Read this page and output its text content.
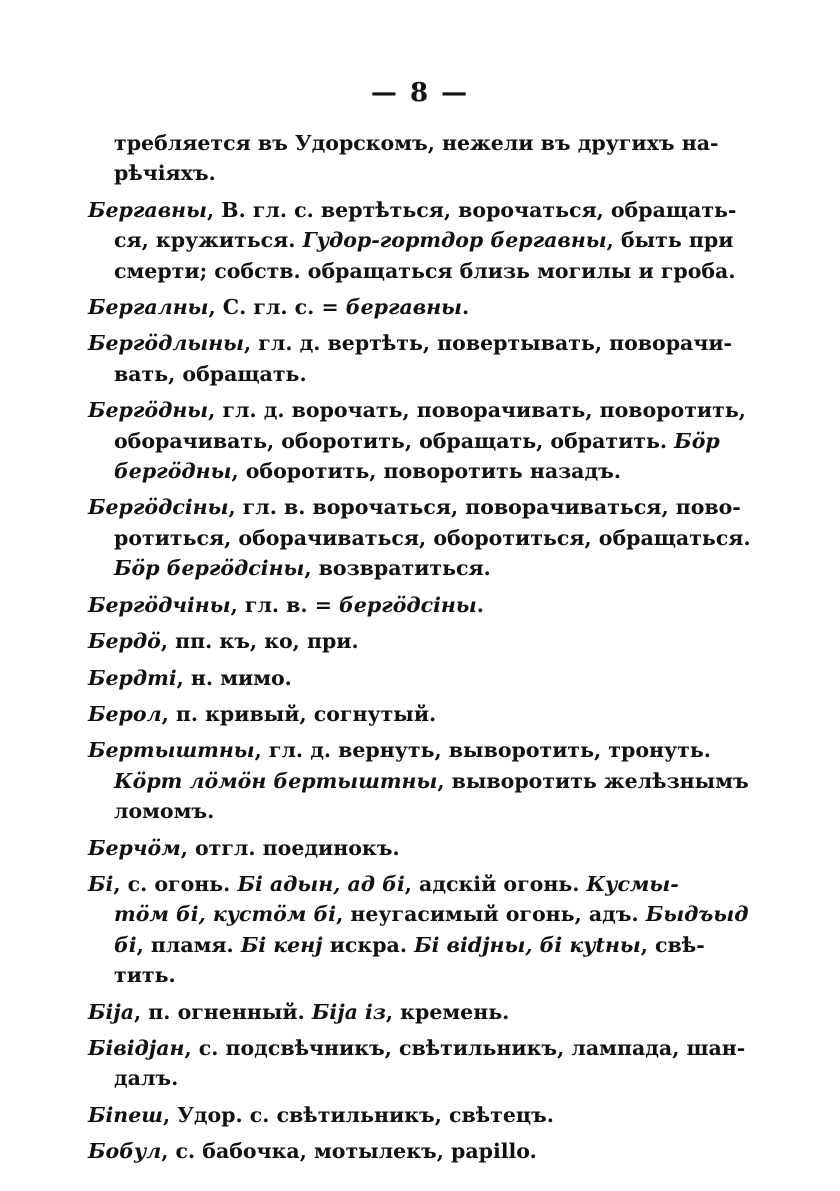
— 8 —
требляется въ Удорскомъ, нежели въ другихъ на-
рѣчіяхъ.
Бергавны, В. гл. с. вертѣться, ворочаться, обращать-
ся, кружиться. Гудор-гортдор бергавны, быть при
смерти; собств. обращаться близь могилы и гроба.
Бергалны, С. гл. с. = бергавны.
Бергӧдлыны, гл. д. вертѣть, повертывать, поворачи-
вать, обращать.
Бергӧдны, гл. д. ворочать, поворачивать, поворотить,
оборачивать, оборотить, обращать, обратить. Бӧр
бергӧдны, оборотить, поворотить назадъ.
Бергӧдсіны, гл. в. ворочаться, поворачиваться, пово-
ротиться, оборачиваться, оборотиться, обращаться.
Бӧр бергӧдсіны, возвратиться.
Бергӧдчіны, гл. в. = бергӧдсіны.
Бердӧ, пп. къ, ко, при.
Бердті, н. мимо.
Берол, п. кривый, согнутый.
Бертыштны, гл. д. вернуть, выворотить, тронуть.
Кӧрт лӧмӧн бертыштны, выворотить желѣзнымъ
ломомъ.
Берчӧм, отгл. поединокъ.
Бі, с. огонь. Бі адын, ад бі, адскій огонь. Кусмы-
тӧм бі, кустӧм бі, неугасимый огонь, адъ. Быдъыд
бі, пламя. Бі кенј искра. Бі віdјны, бі куtны, свѣ-
тить.
Біја, п. огненный. Біја із, кремень.
Бівідјан, с. подсвѣчникъ, свѣтильникъ, лампада, шан-
далъ.
Біпеш, Удор. с. свѣтильникъ, свѣтецъ.
Бобул, с. бабочка, мотылекъ, papillo.
